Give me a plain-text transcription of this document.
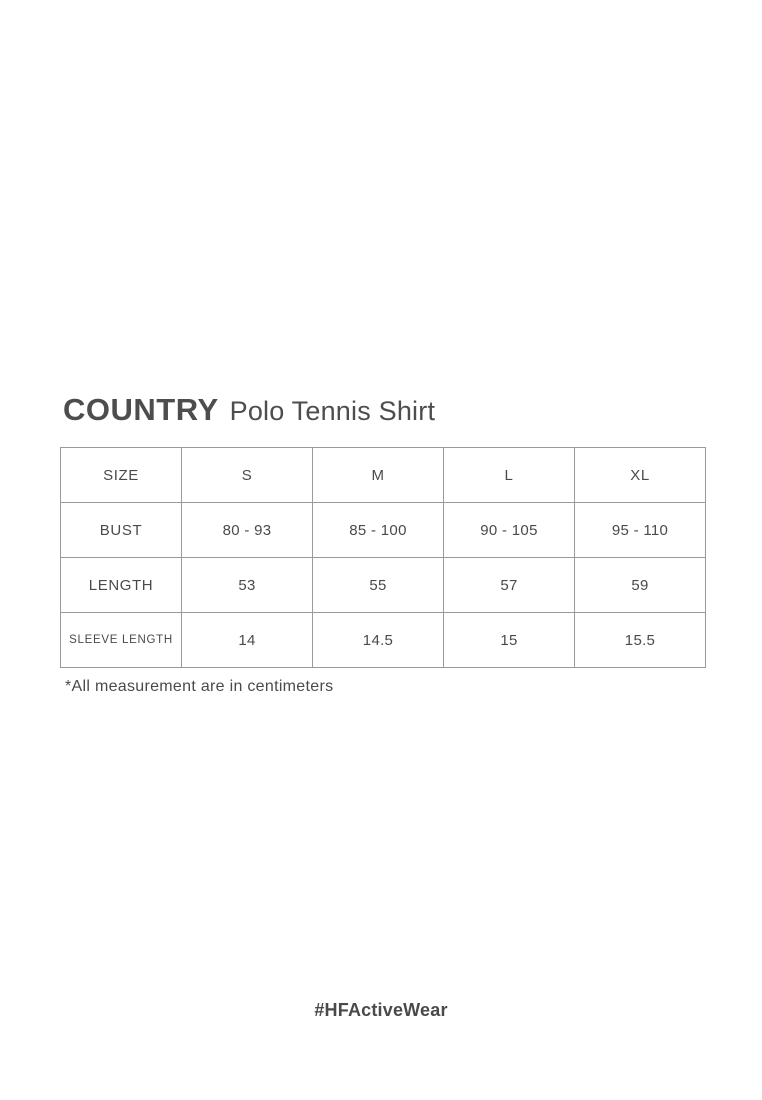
COUNTRY Polo Tennis Shirt
SIZE	S	M	L	XL
BUST	80 - 93	85 - 100	90 - 105	95 - 110
LENGTH	53	55	57	59
SLEEVE LENGTH	14	14.5	15	15.5
*All measurement are in centimeters
#HFActiveWear
